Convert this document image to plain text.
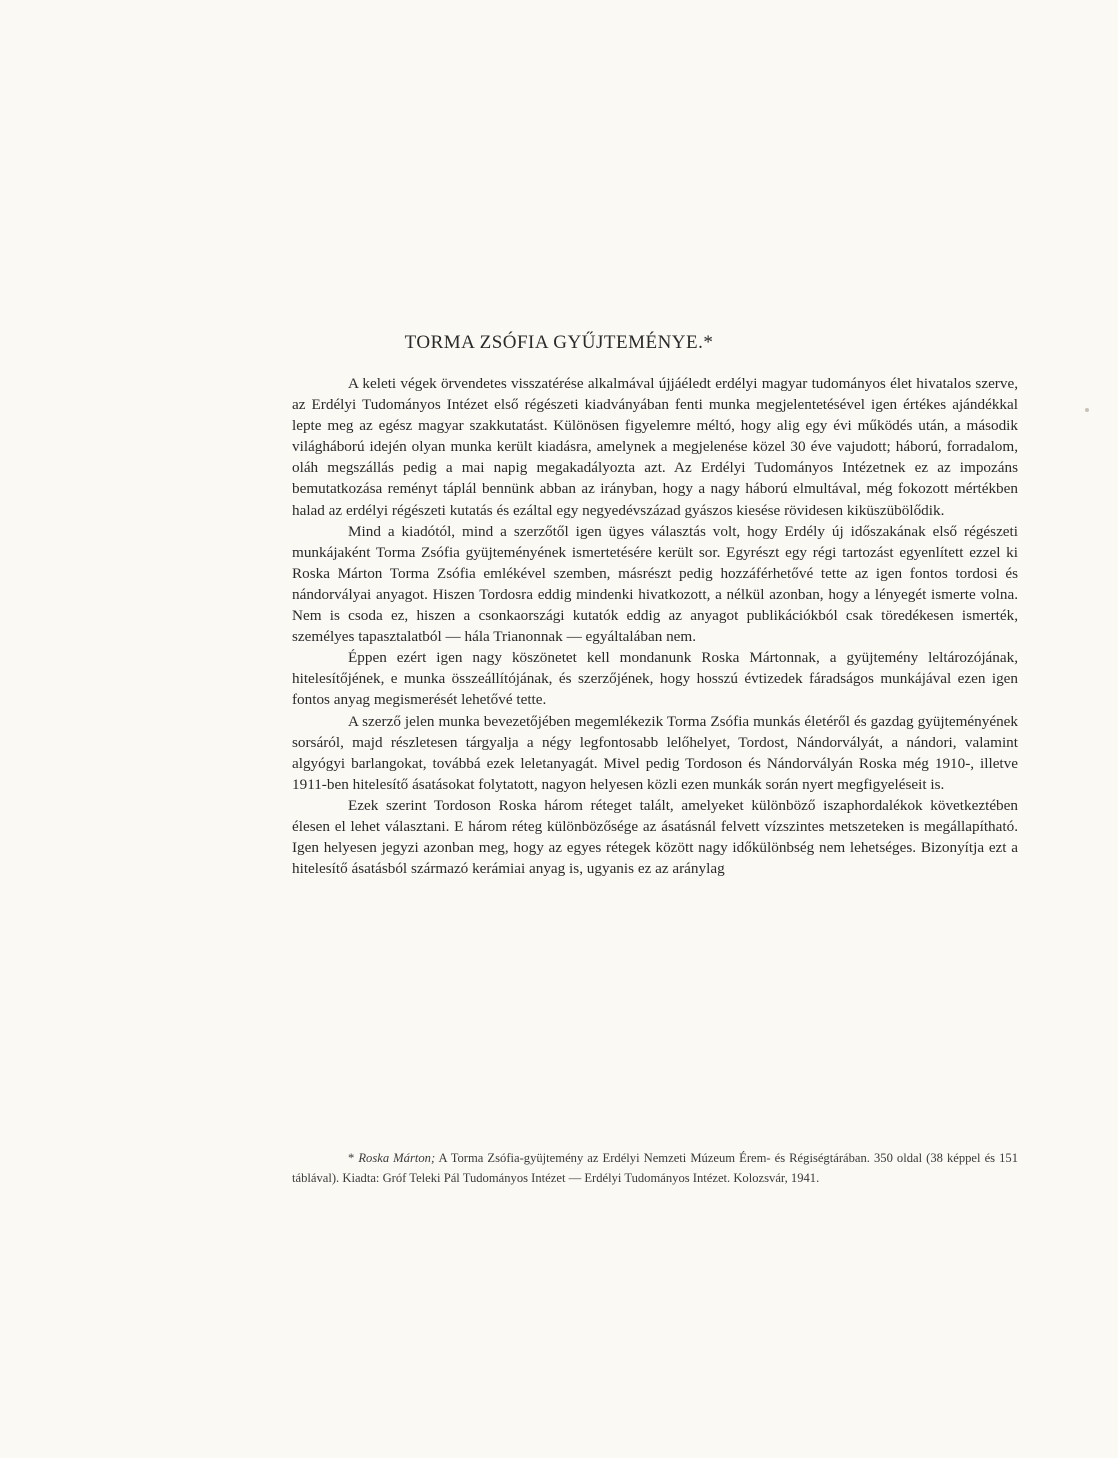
TORMA ZSÓFIA GYŰJTEMÉNYE.*

A keleti végek örvendetes visszatérése alkalmával újjáéledt erdélyi magyar tudományos élet hivatalos szerve, az Erdélyi Tudományos Intézet első régészeti kiadványában fenti munka megjelentetésével igen értékes ajándékkal lepte meg az egész magyar szakkutatást. Különösen figyelemre méltó, hogy alig egy évi működés után, a második világháború idején olyan munka került kiadásra, amelynek a megjelenése közel 30 éve vajudott; háború, forradalom, oláh megszállás pedig a mai napig megakadályozta azt. Az Erdélyi Tudományos Intézetnek ez az impozáns bemutatkozása reményt táplál bennünk abban az irányban, hogy a nagy háború elmultával, még fokozott mértékben halad az erdélyi régészeti kutatás és ezáltal egy negyedévszázad gyászos kiesése rövidesen kiküszübölődik.

Mind a kiadótól, mind a szerzőtől igen ügyes választás volt, hogy Erdély új időszakának első régészeti munkájaként Torma Zsófia gyüjteményének ismertetésére került sor. Egyrészt egy régi tartozást egyenlített ezzel ki Roska Márton Torma Zsófia emlékével szemben, másrészt pedig hozzáférhetővé tette az igen fontos tordosi és nándorvályai anyagot. Hiszen Tordosra eddig mindenki hivatkozott, a nélkül azonban, hogy a lényegét ismerte volna. Nem is csoda ez, hiszen a csonkaországi kutatók eddig az anyagot publikációkból csak töredékesen ismerték, személyes tapasztalatból — hála Trianonnak — egyáltalában nem.

Éppen ezért igen nagy köszönetet kell mondanunk Roska Mártonnak, a gyüjtemény leltározójának, hitelesítőjének, e munka összeállítójának, és szerzőjének, hogy hosszú évtizedek fáradságos munkájával ezen igen fontos anyag megismerését lehetővé tette.

A szerző jelen munka bevezetőjében megemlékezik Torma Zsófia munkás életéről és gazdag gyüjteményének sorsáról, majd részletesen tárgyalja a négy legfontosabb lelőhelyet, Tordost, Nándorvályát, a nándori, valamint algyógyi barlangokat, továbbá ezek leletanyagát. Mivel pedig Tordoson és Nándorvályán Roska még 1910-, illetve 1911-ben hitelesítő ásatásokat folytatott, nagyon helyesen közli ezen munkák során nyert megfigyeléseit is.

Ezek szerint Tordoson Roska három réteget talált, amelyeket különböző iszaphordalékok következtében élesen el lehet választani. E három réteg különbözősége az ásatásnál felvett vízszintes metszeteken is megállapítható. Igen helyesen jegyzi azonban meg, hogy az egyes rétegek között nagy időkülönbség nem lehetséges. Bizonyítja ezt a hitelesítő ásatásból származó kerámiai anyag is, ugyanis ez az aránylag

* Roska Márton; A Torma Zsófia-gyüjtemény az Erdélyi Nemzeti Múzeum Érem- és Régiségtárában. 350 oldal (38 képpel és 151 táblával). Kiadta: Gróf Teleki Pál Tudományos Intézet — Erdélyi Tudományos Intézet. Kolozsvár, 1941.
